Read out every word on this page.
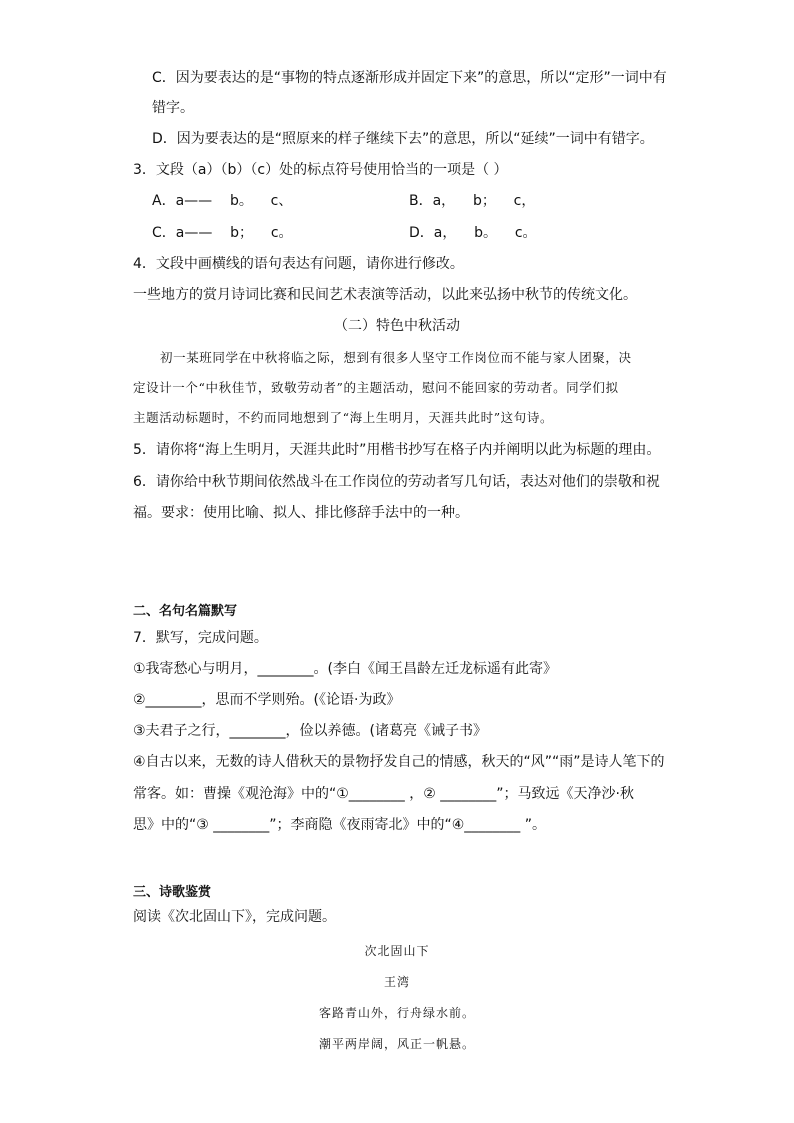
C．因为要表达的是“事物的特点逐渐形成并固定下来”的意思，所以“定形”一词中有
错字。
D．因为要表达的是“照原来的样子继续下去”的意思，所以“延续”一词中有错字。
3．文段（a）（b）（c）处的标点符号使用恰当的一项是（ ）
A．a——    b。    c、	B．a，    b；    c，
C．a——    b；    c。	D．a，    b。    c。
4．文段中画横线的语句表达有问题，请你进行修改。
一些地方的赏月诗词比赛和民间艺术表演等活动，以此来弘扬中秋节的传统文化。
（二）特色中秋活动
初一某班同学在中秋将临之际，想到有很多人坚守工作岗位而不能与家人团聚，决
定设计一个“中秋佳节，致敬劳动者”的主题活动，慰问不能回家的劳动者。同学们拟
主题活动标题时，不约而同地想到了“海上生明月，天涯共此时”这句诗。
5．请你将“海上生明月，天涯共此时”用楷书抄写在格子内并阐明以此为标题的理由。
6．请你给中秋节期间依然战斗在工作岗位的劳动者写几句话，表达对他们的崇敬和祝
福。要求：使用比喻、拟人、排比修辞手法中的一种。
二、名句名篇默写
7．默写，完成问题。
①我寄愁心与明月，________。(李白《闻王昌龄左迁龙标遥有此寄》
②________，思而不学则殆。(《论语·为政》
③夫君子之行，________，俭以养德。(诸葛亮《诫子书》
④自古以来，无数的诗人借秋天的景物抒发自己的情感，秋天的“风”“雨”是诗人笔下的
常客。如：曹操《观沧海》中的“①________ ，② ________”；马致远《天净沙·秋
思》中的“③ ________”；李商隐《夜雨寄北》中的“④________ ”。
三、诗歌鉴赏
阅读《次北固山下》，完成问题。
次北固山下
王湾
客路青山外，行舟绿水前。
潮平两岸阔，风正一帆悬。
